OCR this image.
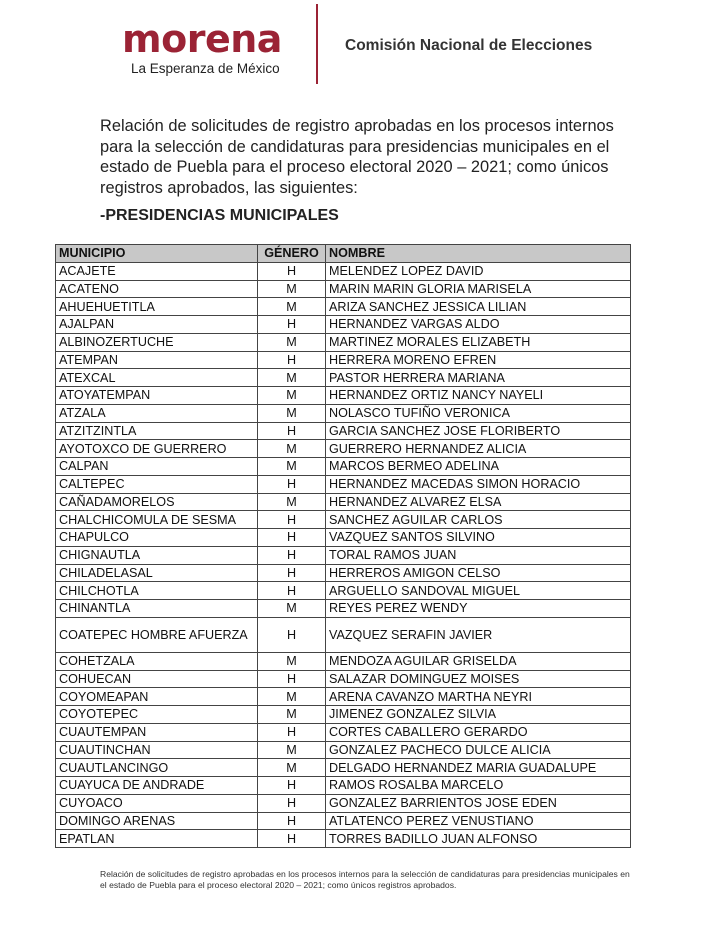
morena
La Esperanza de México
Comisión Nacional de Elecciones

Relación de solicitudes de registro aprobadas en los procesos internos para la selección de candidaturas para presidencias municipales en el estado de Puebla para el proceso electoral 2020 – 2021; como únicos registros aprobados, las siguientes:

-PRESIDENCIAS MUNICIPALES
MUNICIPIO	GÉNERO	NOMBRE
ACAJETE	H	MELENDEZ LOPEZ DAVID
ACATENO	M	MARIN MARIN GLORIA MARISELA
AHUEHUETITLA	M	ARIZA SANCHEZ JESSICA LILIAN
AJALPAN	H	HERNANDEZ VARGAS ALDO
ALBINOZERTUCHE	M	MARTINEZ MORALES ELIZABETH
ATEMPAN	H	HERRERA MORENO EFREN
ATEXCAL	M	PASTOR HERRERA MARIANA
ATOYATEMPAN	M	HERNANDEZ ORTIZ NANCY NAYELI
ATZALA	M	NOLASCO TUFIÑO VERONICA
ATZITZINTLA	H	GARCIA SANCHEZ JOSE FLORIBERTO
AYOTOXCO DE GUERRERO	M	GUERRERO HERNANDEZ ALICIA
CALPAN	M	MARCOS BERMEO ADELINA
CALTEPEC	H	HERNANDEZ MACEDAS SIMON HORACIO
CAÑADAMORELOS	M	HERNANDEZ ALVAREZ ELSA
CHALCHICOMULA DE SESMA	H	SANCHEZ AGUILAR CARLOS
CHAPULCO	H	VAZQUEZ SANTOS SILVINO
CHIGNAUTLA	H	TORAL RAMOS JUAN
CHILADELASAL	H	HERREROS AMIGON CELSO
CHILCHOTLA	H	ARGUELLO SANDOVAL MIGUEL
CHINANTLA	M	REYES PEREZ WENDY
COATEPEC HOMBRE AFUERZA	H	VAZQUEZ SERAFIN JAVIER
COHETZALA	M	MENDOZA AGUILAR GRISELDA
COHUECAN	H	SALAZAR DOMINGUEZ MOISES
COYOMEAPAN	M	ARENA CAVANZO MARTHA NEYRI
COYOTEPEC	M	JIMENEZ GONZALEZ SILVIA
CUAUTEMPAN	H	CORTES CABALLERO GERARDO
CUAUTINCHAN	M	GONZALEZ PACHECO DULCE ALICIA
CUAUTLANCINGO	M	DELGADO HERNANDEZ MARIA GUADALUPE
CUAYUCA DE ANDRADE	H	RAMOS ROSALBA MARCELO
CUYOACO	H	GONZALEZ BARRIENTOS JOSE EDEN
DOMINGO ARENAS	H	ATLATENCO PEREZ VENUSTIANO
EPATLAN	H	TORRES BADILLO JUAN ALFONSO

Relación de solicitudes de registro aprobadas en los procesos internos para la selección de candidaturas para presidencias municipales en el estado de Puebla para el proceso electoral 2020 – 2021; como únicos registros aprobados.
